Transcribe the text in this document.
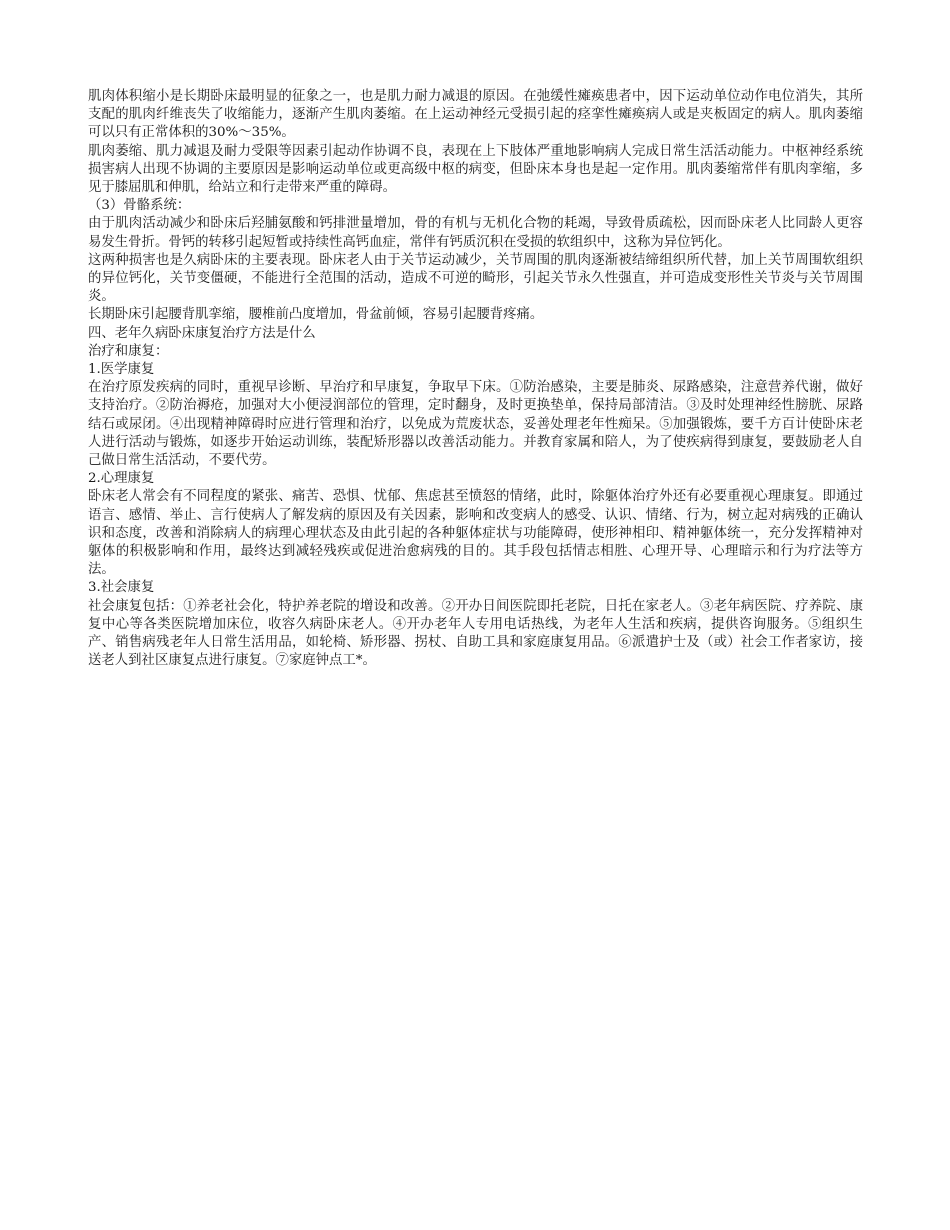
肌肉体积缩小是长期卧床最明显的征象之一，也是肌力耐力减退的原因。在弛缓性瘫痪患者中，因下运动单位动作电位消失，其所支配的肌肉纤维丧失了收缩能力，逐渐产生肌肉萎缩。在上运动神经元受损引起的痉挛性瘫痪病人或是夹板固定的病人。肌肉萎缩可以只有正常体积的30%～35%。

肌肉萎缩、肌力减退及耐力受限等因素引起动作协调不良，表现在上下肢体严重地影响病人完成日常生活活动能力。中枢神经系统损害病人出现不协调的主要原因是影响运动单位或更高级中枢的病变，但卧床本身也是起一定作用。肌肉萎缩常伴有肌肉挛缩，多见于膝屈肌和伸肌，给站立和行走带来严重的障碍。

（3）骨骼系统：

由于肌肉活动减少和卧床后羟脯氨酸和钙排泄量增加，骨的有机与无机化合物的耗竭，导致骨质疏松，因而卧床老人比同龄人更容易发生骨折。骨钙的转移引起短暂或持续性高钙血症，常伴有钙质沉积在受损的软组织中，这称为异位钙化。

这两种损害也是久病卧床的主要表现。卧床老人由于关节运动减少，关节周围的肌肉逐渐被结缔组织所代替，加上关节周围软组织的异位钙化，关节变僵硬，不能进行全范围的活动，造成不可逆的畸形，引起关节永久性强直，并可造成变形性关节炎与关节周围炎。

长期卧床引起腰背肌挛缩，腰椎前凸度增加，骨盆前倾，容易引起腰背疼痛。

四、老年久病卧床康复治疗方法是什么

治疗和康复：

1.医学康复

在治疗原发疾病的同时，重视早诊断、早治疗和早康复，争取早下床。①防治感染，主要是肺炎、尿路感染，注意营养代谢，做好支持治疗。②防治褥疮，加强对大小便浸润部位的管理，定时翻身，及时更换垫单，保持局部清洁。③及时处理神经性膀胱、尿路结石或尿闭。④出现精神障碍时应进行管理和治疗，以免成为荒废状态，妥善处理老年性痴呆。⑤加强锻炼，要千方百计使卧床老人进行活动与锻炼，如逐步开始运动训练，装配矫形器以改善活动能力。并教育家属和陪人，为了使疾病得到康复，要鼓励老人自己做日常生活活动，不要代劳。

2.心理康复

卧床老人常会有不同程度的紧张、痛苦、恐惧、忧郁、焦虑甚至愤怒的情绪，此时，除躯体治疗外还有必要重视心理康复。即通过语言、感情、举止、言行使病人了解发病的原因及有关因素，影响和改变病人的感受、认识、情绪、行为，树立起对病残的正确认识和态度，改善和消除病人的病理心理状态及由此引起的各种躯体症状与功能障碍，使形神相印、精神躯体统一，充分发挥精神对躯体的积极影响和作用，最终达到减轻残疾或促进治愈病残的目的。其手段包括情志相胜、心理开导、心理暗示和行为疗法等方法。

3.社会康复

社会康复包括：①养老社会化，特护养老院的增设和改善。②开办日间医院即托老院，日托在家老人。③老年病医院、疗养院、康复中心等各类医院增加床位，收容久病卧床老人。④开办老年人专用电话热线，为老年人生活和疾病，提供咨询服务。⑤组织生产、销售病残老年人日常生活用品，如轮椅、矫形器、拐杖、自助工具和家庭康复用品。⑥派遣护士及（或）社会工作者家访，接送老人到社区康复点进行康复。⑦家庭钟点工*。
